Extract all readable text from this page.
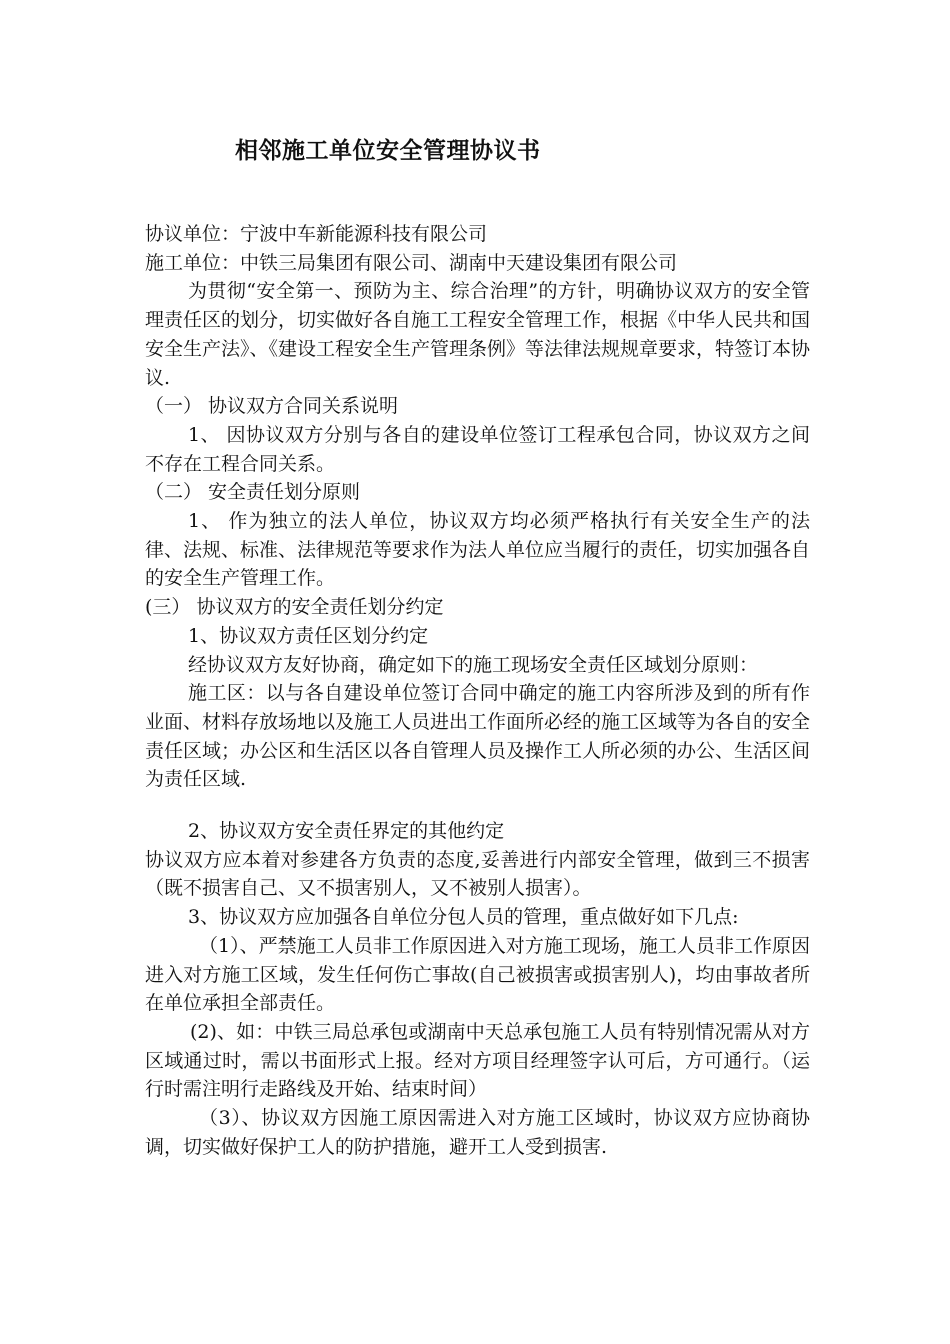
相邻施工单位安全管理协议书

协议单位：宁波中车新能源科技有限公司

施工单位：中铁三局集团有限公司、湖南中天建设集团有限公司

为贯彻“安全第一、预防为主、综合治理”的方针，明确协议双方的安全管理责任区的划分，切实做好各自施工工程安全管理工作，根据《中华人民共和国安全生产法》、《建设工程安全生产管理条例》等法律法规规章要求，特签订本协议.

（一） 协议双方合同关系说明

1、 因协议双方分别与各自的建设单位签订工程承包合同，协议双方之间不存在工程合同关系。

（二） 安全责任划分原则

1、 作为独立的法人单位，协议双方均必须严格执行有关安全生产的法律、法规、标准、法律规范等要求作为法人单位应当履行的责任，切实加强各自的安全生产管理工作。

(三） 协议双方的安全责任划分约定

1、协议双方责任区划分约定

经协议双方友好协商，确定如下的施工现场安全责任区域划分原则：

施工区：以与各自建设单位签订合同中确定的施工内容所涉及到的所有作业面、材料存放场地以及施工人员进出工作面所必经的施工区域等为各自的安全责任区域；办公区和生活区以各自管理人员及操作工人所必须的办公、生活区间为责任区域.

2、协议双方安全责任界定的其他约定

协议双方应本着对参建各方负责的态度,妥善进行内部安全管理，做到三不损害（既不损害自己、又不损害别人，又不被别人损害）。

3、协议双方应加强各自单位分包人员的管理，重点做好如下几点:

（1）、严禁施工人员非工作原因进入对方施工现场，施工人员非工作原因进入对方施工区域，发生任何伤亡事故(自己被损害或损害别人)，均由事故者所在单位承担全部责任。

(2)、如：中铁三局总承包或湖南中天总承包施工人员有特别情况需从对方区域通过时，需以书面形式上报。经对方项目经理签字认可后，方可通行。（运行时需注明行走路线及开始、结束时间）

（3）、协议双方因施工原因需进入对方施工区域时，协议双方应协商协调，切实做好保护工人的防护措施，避开工人受到损害.
